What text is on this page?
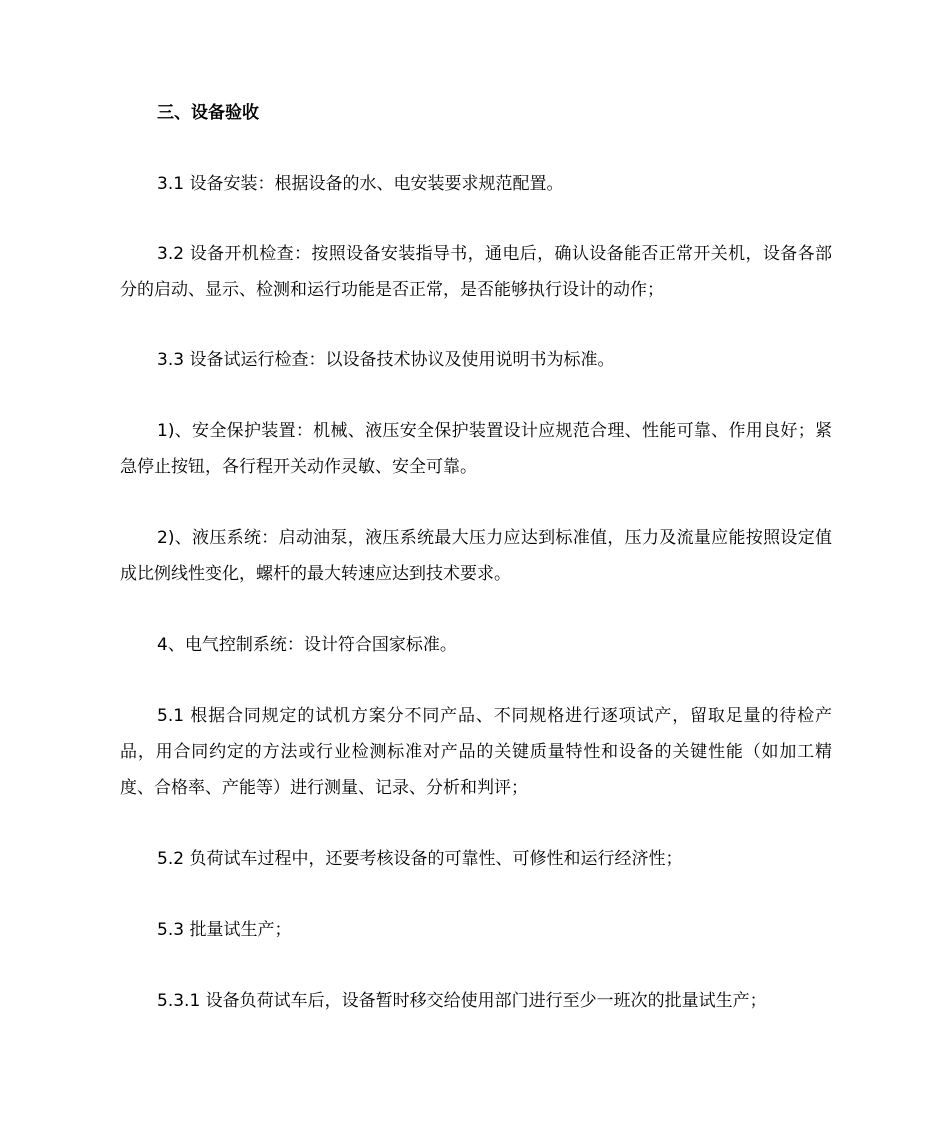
三、设备验收

3.1 设备安装：根据设备的水、电安装要求规范配置。

3.2 设备开机检查：按照设备安装指导书，通电后，确认设备能否正常开关机，设备各部分的启动、显示、检测和运行功能是否正常，是否能够执行设计的动作；

3.3 设备试运行检查：以设备技术协议及使用说明书为标准。

1)、安全保护装置：机械、液压安全保护装置设计应规范合理、性能可靠、作用良好；紧急停止按钮，各行程开关动作灵敏、安全可靠。

2)、液压系统：启动油泵，液压系统最大压力应达到标准值，压力及流量应能按照设定值成比例线性变化，螺杆的最大转速应达到技术要求。

4、电气控制系统：设计符合国家标准。

5.1 根据合同规定的试机方案分不同产品、不同规格进行逐项试产，留取足量的待检产品，用合同约定的方法或行业检测标准对产品的关键质量特性和设备的关键性能（如加工精度、合格率、产能等）进行测量、记录、分析和判评；

5.2 负荷试车过程中，还要考核设备的可靠性、可修性和运行经济性；

5.3 批量试生产；

5.3.1 设备负荷试车后，设备暂时移交给使用部门进行至少一班次的批量试生产；
